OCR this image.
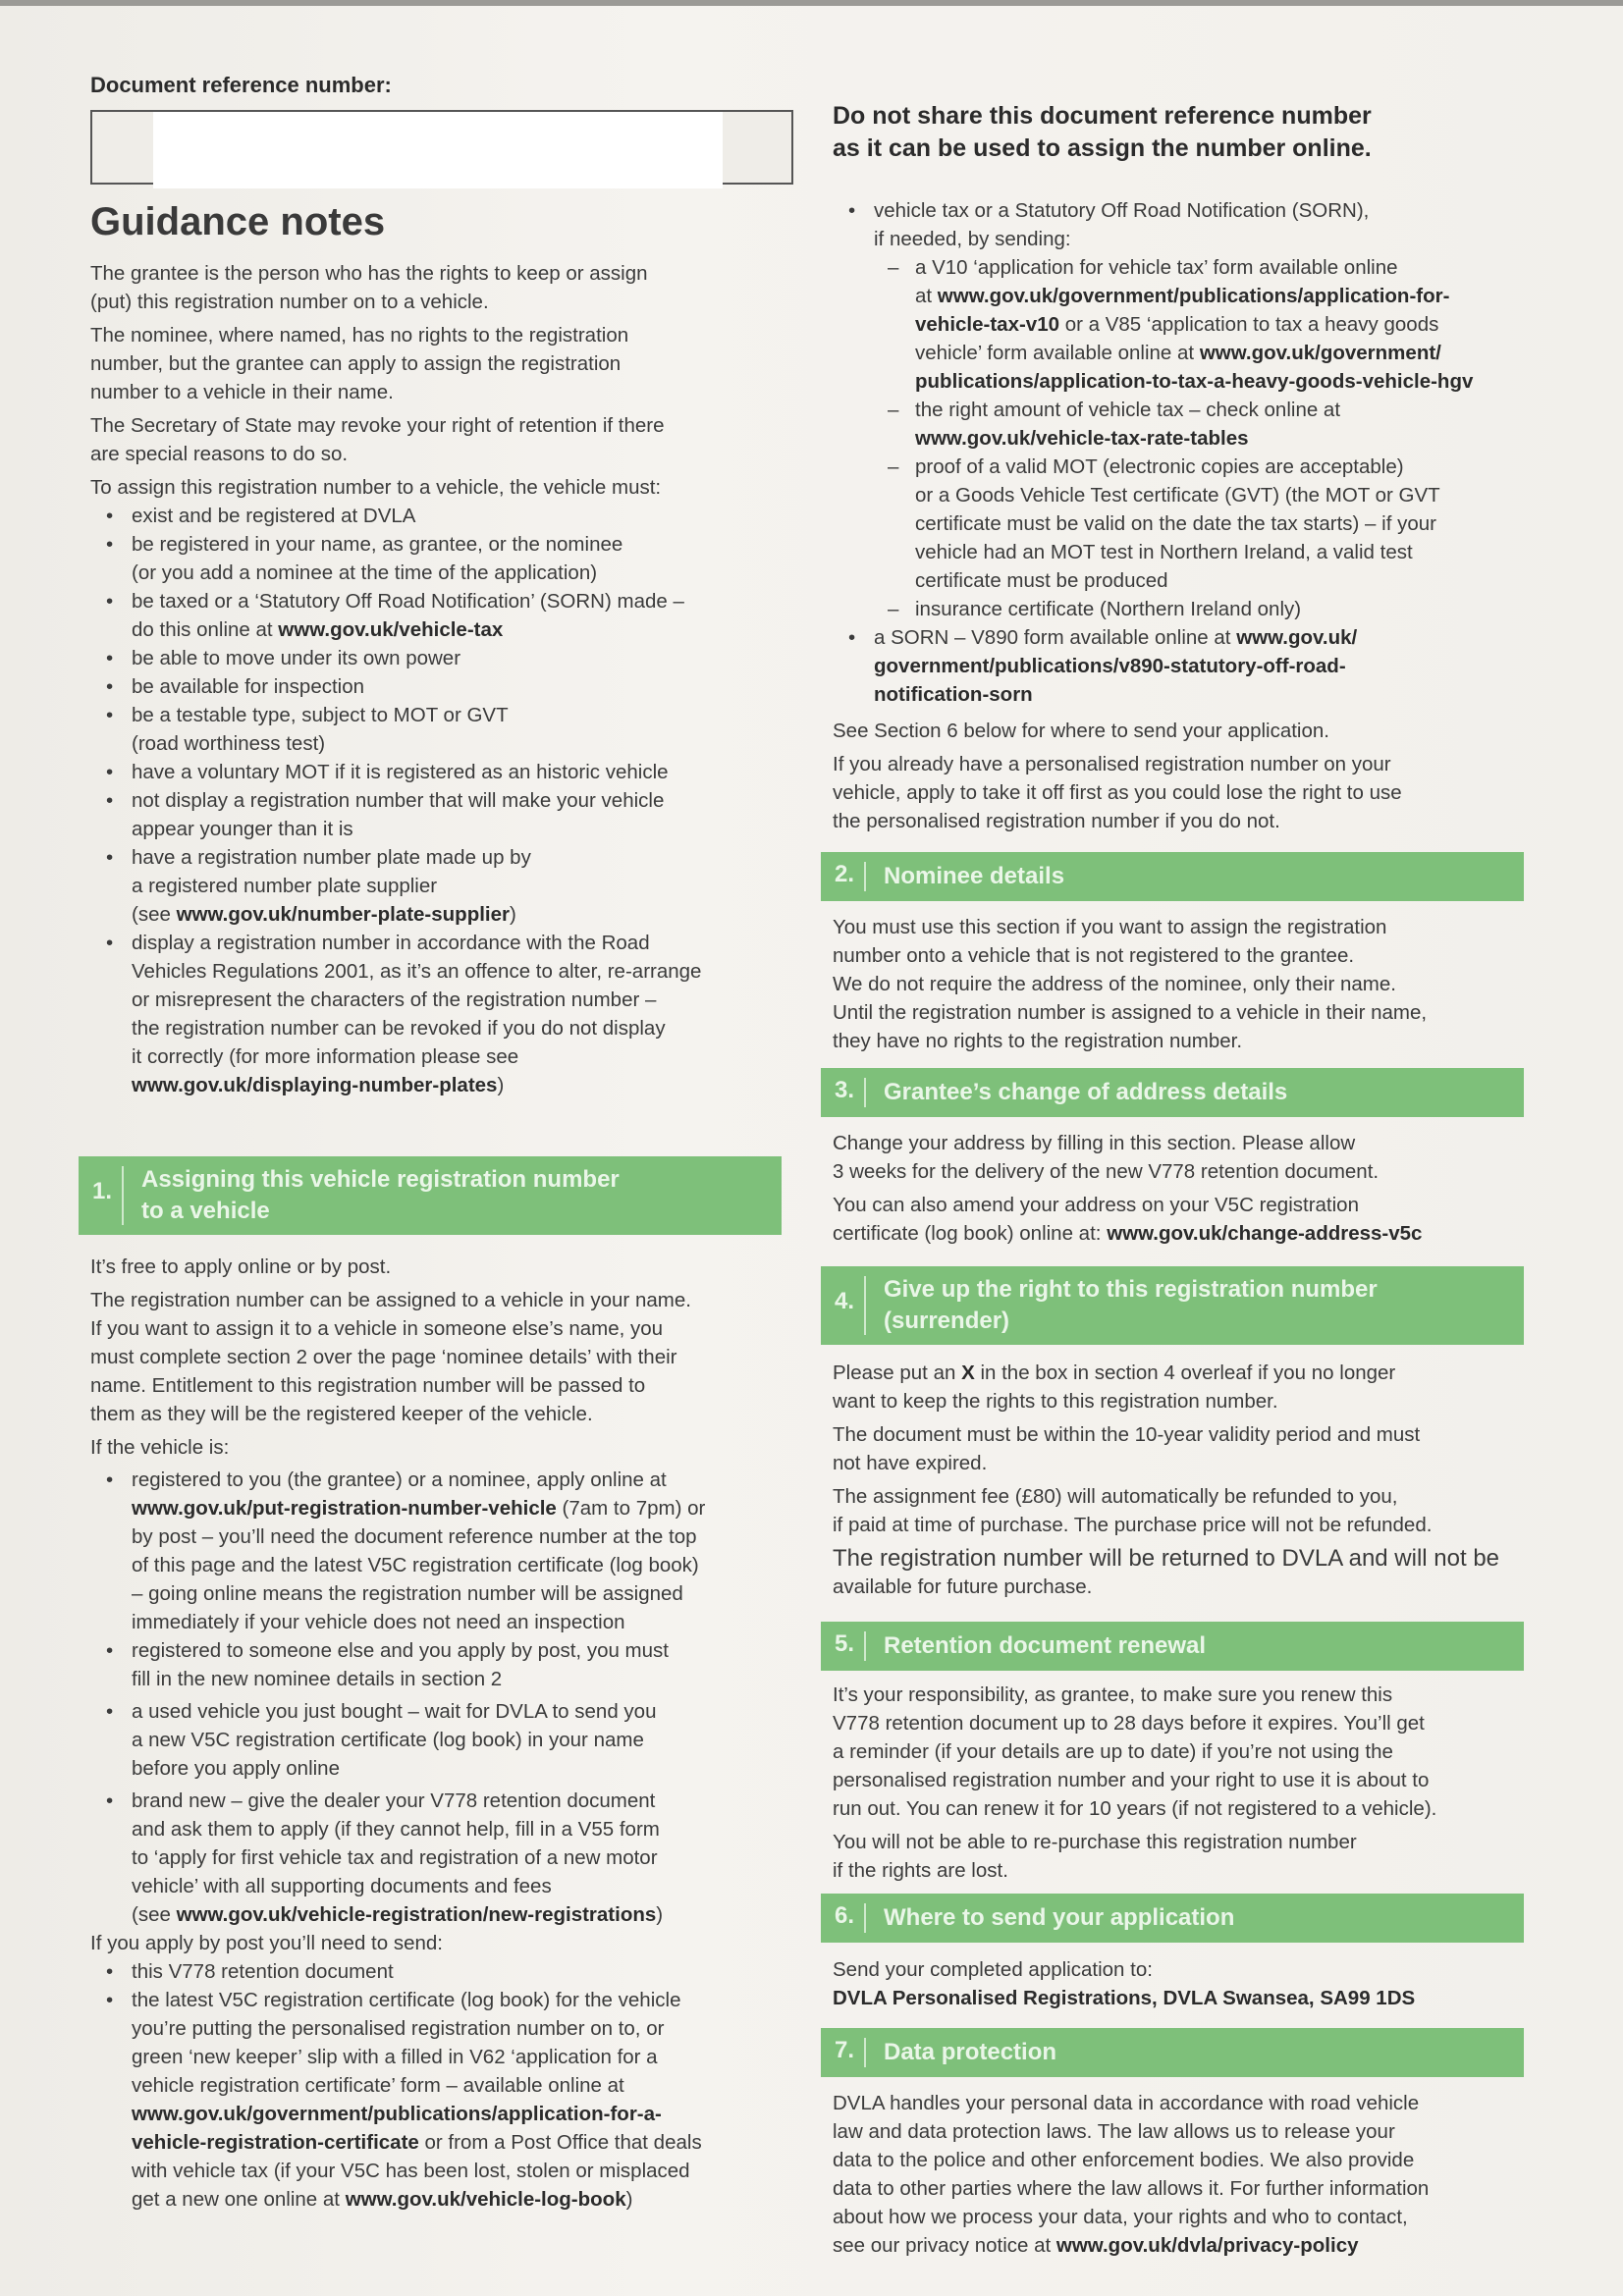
Document reference number:

Guidance notes

The grantee is the person who has the rights to keep or assign

(put) this registration number on to a vehicle.

The nominee, where named, has no rights to the registration

number, but the grantee can apply to assign the registration

number to a vehicle in their name.

The Secretary of State may revoke your right of retention if there

are special reasons to do so.

To assign this registration number to a vehicle, the vehicle must:

• exist and be registered at DVLA
• be registered in your name, as grantee, or the nominee
(or you add a nominee at the time of the application)
• be taxed or a ‘Statutory Off Road Notification’ (SORN) made –
do this online at www.gov.uk/vehicle-tax
• be able to move under its own power
• be available for inspection
• be a testable type, subject to MOT or GVT
(road worthiness test)
• have a voluntary MOT if it is registered as an historic vehicle
• not display a registration number that will make your vehicle
appear younger than it is
• have a registration number plate made up by
a registered number plate supplier
(see www.gov.uk/number-plate-supplier)
• display a registration number in accordance with the Road
Vehicles Regulations 2001, as it’s an offence to alter, re-arrange
or misrepresent the characters of the registration number –
the registration number can be revoked if you do not display
it correctly (for more information please see
www.gov.uk/displaying-number-plates)
1. Assigning this vehicle registration number
to a vehicle

It’s free to apply online or by post.

The registration number can be assigned to a vehicle in your name.

If you want to assign it to a vehicle in someone else’s name, you

must complete section 2 over the page ‘nominee details’ with their

name. Entitlement to this registration number will be passed to

them as they will be the registered keeper of the vehicle.

If the vehicle is:

• registered to you (the grantee) or a nominee, apply online at
www.gov.uk/put-registration-number-vehicle (7am to 7pm) or
by post – you’ll need the document reference number at the top
of this page and the latest V5C registration certificate (log book)
– going online means the registration number will be assigned
immediately if your vehicle does not need an inspection
• registered to someone else and you apply by post, you must
fill in the new nominee details in section 2
• a used vehicle you just bought – wait for DVLA to send you
a new V5C registration certificate (log book) in your name
before you apply online
• brand new – give the dealer your V778 retention document
and ask them to apply (if they cannot help, fill in a V55 form
to ‘apply for first vehicle tax and registration of a new motor
vehicle’ with all supporting documents and fees
(see www.gov.uk/vehicle-registration/new-registrations)

If you apply by post you’ll need to send:

• this V778 retention document
• the latest V5C registration certificate (log book) for the vehicle
you’re putting the personalised registration number on to, or
green ‘new keeper’ slip with a filled in V62 ‘application for a
vehicle registration certificate’ form – available online at
www.gov.uk/government/publications/application-for-a-
vehicle-registration-certificate or from a Post Office that deals
with vehicle tax (if your V5C has been lost, stolen or misplaced
get a new one online at www.gov.uk/vehicle-log-book)

Do not share this document reference number

as it can be used to assign the number online.

• vehicle tax or a Statutory Off Road Notification (SORN),
if needed, by sending:
– a V10 ‘application for vehicle tax’ form available online
at www.gov.uk/government/publications/application-for-
vehicle-tax-v10 or a V85 ‘application to tax a heavy goods
vehicle’ form available online at www.gov.uk/government/
publications/application-to-tax-a-heavy-goods-vehicle-hgv
– the right amount of vehicle tax – check online at
www.gov.uk/vehicle-tax-rate-tables
– proof of a valid MOT (electronic copies are acceptable)
or a Goods Vehicle Test certificate (GVT) (the MOT or GVT
certificate must be valid on the date the tax starts) – if your
vehicle had an MOT test in Northern Ireland, a valid test
certificate must be produced
– insurance certificate (Northern Ireland only)
• a SORN – V890 form available online at www.gov.uk/
government/publications/v890-statutory-off-road-
notification-sorn

See Section 6 below for where to send your application.

If you already have a personalised registration number on your

vehicle, apply to take it off first as you could lose the right to use

the personalised registration number if you do not.

2. Nominee details

You must use this section if you want to assign the registration

number onto a vehicle that is not registered to the grantee.

We do not require the address of the nominee, only their name.

Until the registration number is assigned to a vehicle in their name,

they have no rights to the registration number.

3. Grantee’s change of address details

Change your address by filling in this section. Please allow

3 weeks for the delivery of the new V778 retention document.

You can also amend your address on your V5C registration

certificate (log book) online at: www.gov.uk/change-address-v5c

4. Give up the right to this registration number
(surrender)

Please put an X in the box in section 4 overleaf if you no longer

want to keep the rights to this registration number.

The document must be within the 10-year validity period and must

not have expired.

The assignment fee (£80) will automatically be refunded to you,

if paid at time of purchase. The purchase price will not be refunded.

The registration number will be returned to DVLA and will not be

available for future purchase.

5. Retention document renewal

It’s your responsibility, as grantee, to make sure you renew this

V778 retention document up to 28 days before it expires. You’ll get

a reminder (if your details are up to date) if you’re not using the

personalised registration number and your right to use it is about to

run out. You can renew it for 10 years (if not registered to a vehicle).

You will not be able to re-purchase this registration number

if the rights are lost.

6. Where to send your application

Send your completed application to:

DVLA Personalised Registrations, DVLA Swansea, SA99 1DS

7. Data protection

DVLA handles your personal data in accordance with road vehicle

law and data protection laws. The law allows us to release your

data to the police and other enforcement bodies. We also provide

data to other parties where the law allows it. For further information

about how we process your data, your rights and who to contact,

see our privacy notice at www.gov.uk/dvla/privacy-policy
